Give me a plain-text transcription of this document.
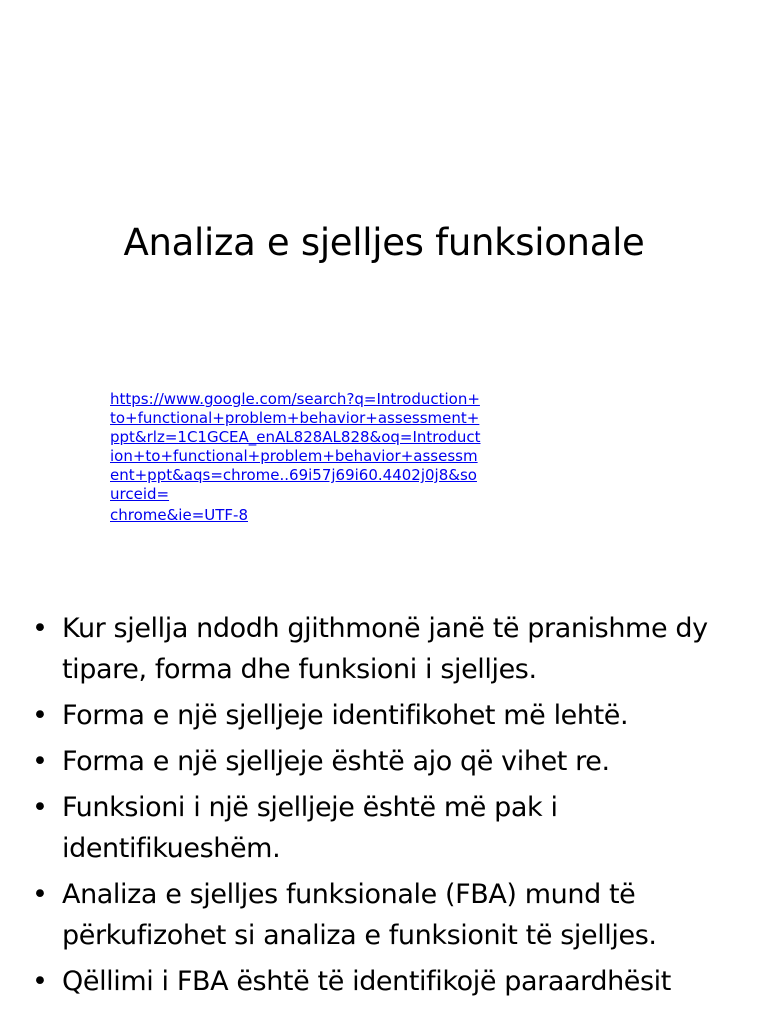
Analiza e sjelljes funksionale
https://www.google.com/search?q=Introduction+to+functional+problem+behavior+assessment+ppt&rlz=1C1GCEA_enAL828AL828&oq=Introduction+to+functional+problem+behavior+assessment+ppt&aqs=chrome..69i57j69i60.4402j0j8&sourceid=
chrome&ie=UTF-8
• Kur sjellja ndodh gjithmonë janë të pranishme dy tipare, forma dhe funksioni i sjelljes.
• Forma e një sjelljeje identifikohet më lehtë.
• Forma e një sjelljeje është ajo që vihet re.
• Funksioni i një sjelljeje është më pak i identifikueshëm.
• Analiza e sjelljes funksionale (FBA) mund të përkufizohet si analiza e funksionit të sjelljes.
• Qëllimi i FBA është të identifikojë paraardhësit
